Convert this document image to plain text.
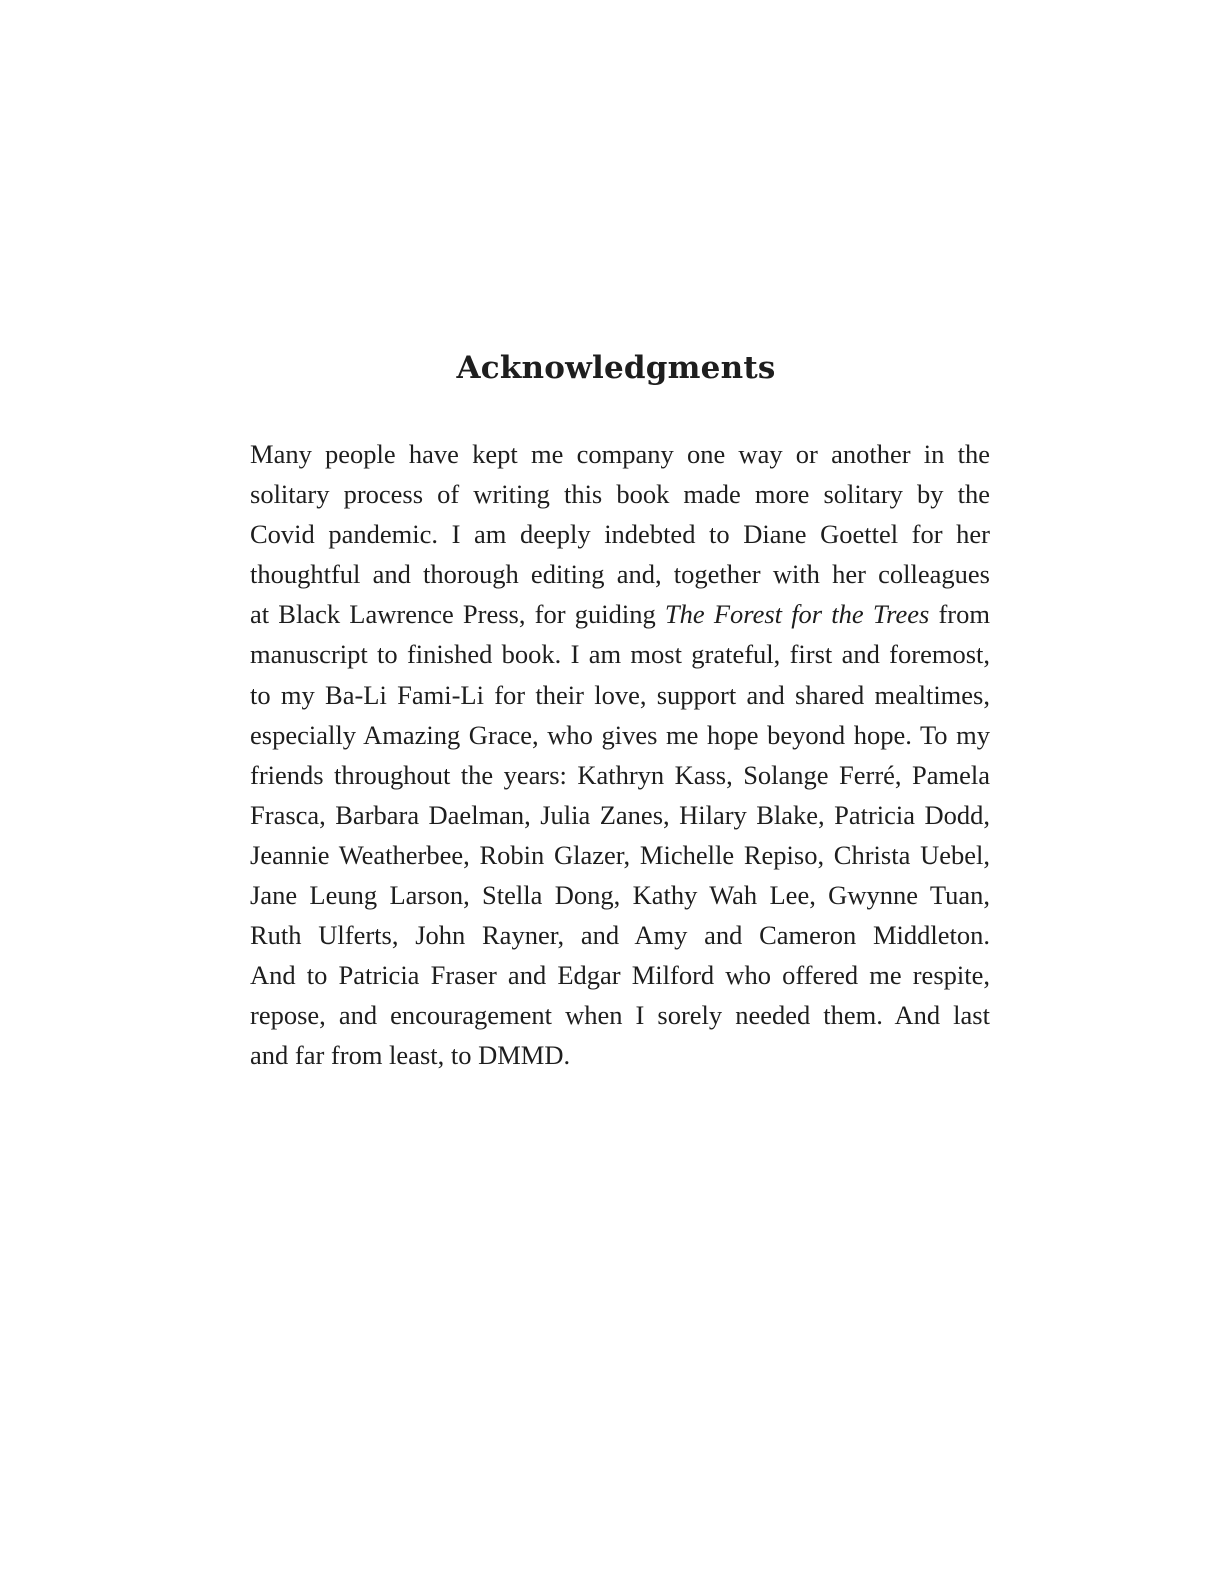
Acknowledgments
Many people have kept me company one way or another in the
solitary process of writing this book made more solitary by the
Covid pandemic. I am deeply indebted to Diane Goettel for her
thoughtful and thorough editing and, together with her colleagues
at Black Lawrence Press, for guiding The Forest for the Trees from
manuscript to finished book. I am most grateful, first and foremost,
to my Ba-Li Fami-Li for their love, support and shared mealtimes,
especially Amazing Grace, who gives me hope beyond hope. To my
friends throughout the years: Kathryn Kass, Solange Ferré, Pamela
Frasca, Barbara Daelman, Julia Zanes, Hilary Blake, Patricia Dodd,
Jeannie Weatherbee, Robin Glazer, Michelle Repiso, Christa Uebel,
Jane Leung Larson, Stella Dong, Kathy Wah Lee, Gwynne Tuan,
Ruth Ulferts, John Rayner, and Amy and Cameron Middleton.
And to Patricia Fraser and Edgar Milford who offered me respite,
repose, and encouragement when I sorely needed them. And last
and far from least, to DMMD.
